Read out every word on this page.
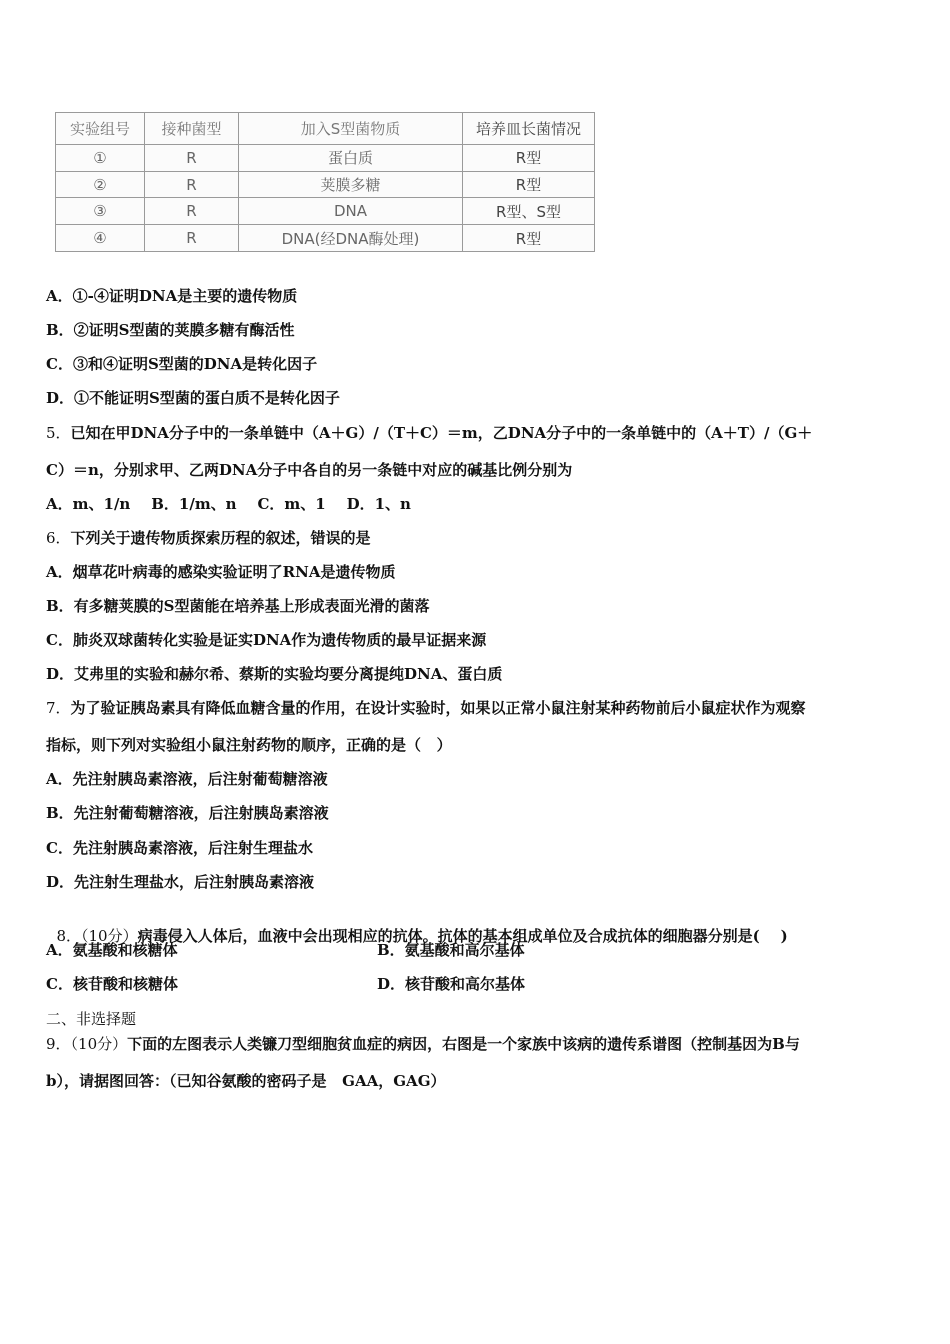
实验组号	接种菌型	加入S型菌物质	培养皿长菌情况
①	R	蛋白质	R型
②	R	荚膜多糖	R型
③	R	DNA	R型、S型
④	R	DNA(经DNA酶处理)	R型
A．①-④证明DNA是主要的遗传物质
B．②证明S型菌的荚膜多糖有酶活性
C．③和④证明S型菌的DNA是转化因子
D．①不能证明S型菌的蛋白质不是转化因子
5．已知在甲DNA分子中的一条单链中（A＋G）/（T＋C）＝m，乙DNA分子中的一条单链中的（A＋T）/（G＋
C）＝n，分别求甲、乙两DNA分子中各自的另一条链中对应的碱基比例分别为
A．m、1/n    B．1/m、n    C．m、1    D．1、n
6．下列关于遗传物质探索历程的叙述，错误的是
A．烟草花叶病毒的感染实验证明了RNA是遗传物质
B．有多糖荚膜的S型菌能在培养基上形成表面光滑的菌落
C．肺炎双球菌转化实验是证实DNA作为遗传物质的最早证据来源
D．艾弗里的实验和赫尔希、蔡斯的实验均要分离提纯DNA、蛋白质
7．为了验证胰岛素具有降低血糖含量的作用，在设计实验时，如果以正常小鼠注射某种药物前后小鼠症状作为观察
指标，则下列对实验组小鼠注射药物的顺序，正确的是（   ）
A．先注射胰岛素溶液，后注射葡萄糖溶液
B．先注射葡萄糖溶液，后注射胰岛素溶液
C．先注射胰岛素溶液，后注射生理盐水
D．先注射生理盐水，后注射胰岛素溶液

8．（10分）病毒侵入人体后，血液中会出现相应的抗体。抗体的基本组成单位及合成抗体的细胞器分别是(    )

A．氨基酸和核糖体	B．氨基酸和高尔基体
C．核苷酸和核糖体	D．核苷酸和高尔基体
二、非选择题
9．（10分）下面的左图表示人类镰刀型细胞贫血症的病因，右图是一个家族中该病的遗传系谱图（控制基因为B与
b），请据图回答：（已知谷氨酸的密码子是   GAA，GAG）
